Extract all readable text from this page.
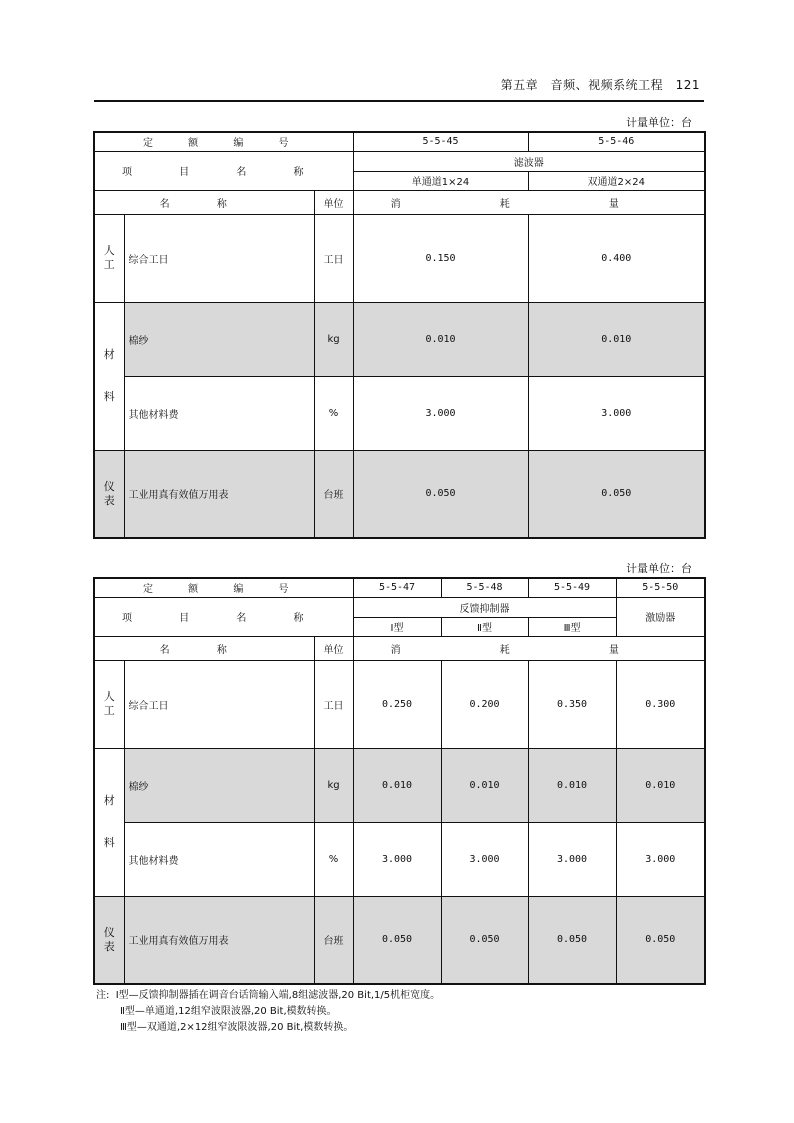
第五章　音频、视频系统工程　121
计量单位：台
定 额 编 号			5-5-45	5-5-46
项 目 名 称			滤波器	
			单通道1×24	双通道2×24
名 称		单位	消 耗 量	
人
工	综合工日	工日	0.150	0.400
材

料	棉纱	kg	0.010	0.010
	其他材料费	%	3.000	3.000
仪
表	工业用真有效值万用表	台班	0.050	0.050
计量单位：台
定 额 编 号			5-5-47	5-5-48	5-5-49	5-5-50
项 目 名 称			反馈抑制器			激励器
			Ⅰ型	Ⅱ型	Ⅲ型	
名 称		单位	消 耗 量			
人
工	综合工日	工日	0.250	0.200	0.350	0.300
材

料	棉纱	kg	0.010	0.010	0.010	0.010
	其他材料费	%	3.000	3.000	3.000	3.000
仪
表	工业用真有效值万用表	台班	0.050	0.050	0.050	0.050
注: Ⅰ型—反馈抑制器插在调音台话筒输入端,8组滤波器,20 Bit,1/5机柜宽度。
Ⅱ型—单通道,12组窄波限波器,20 Bit,模数转换。
Ⅲ型—双通道,2×12组窄波限波器,20 Bit,模数转换。
